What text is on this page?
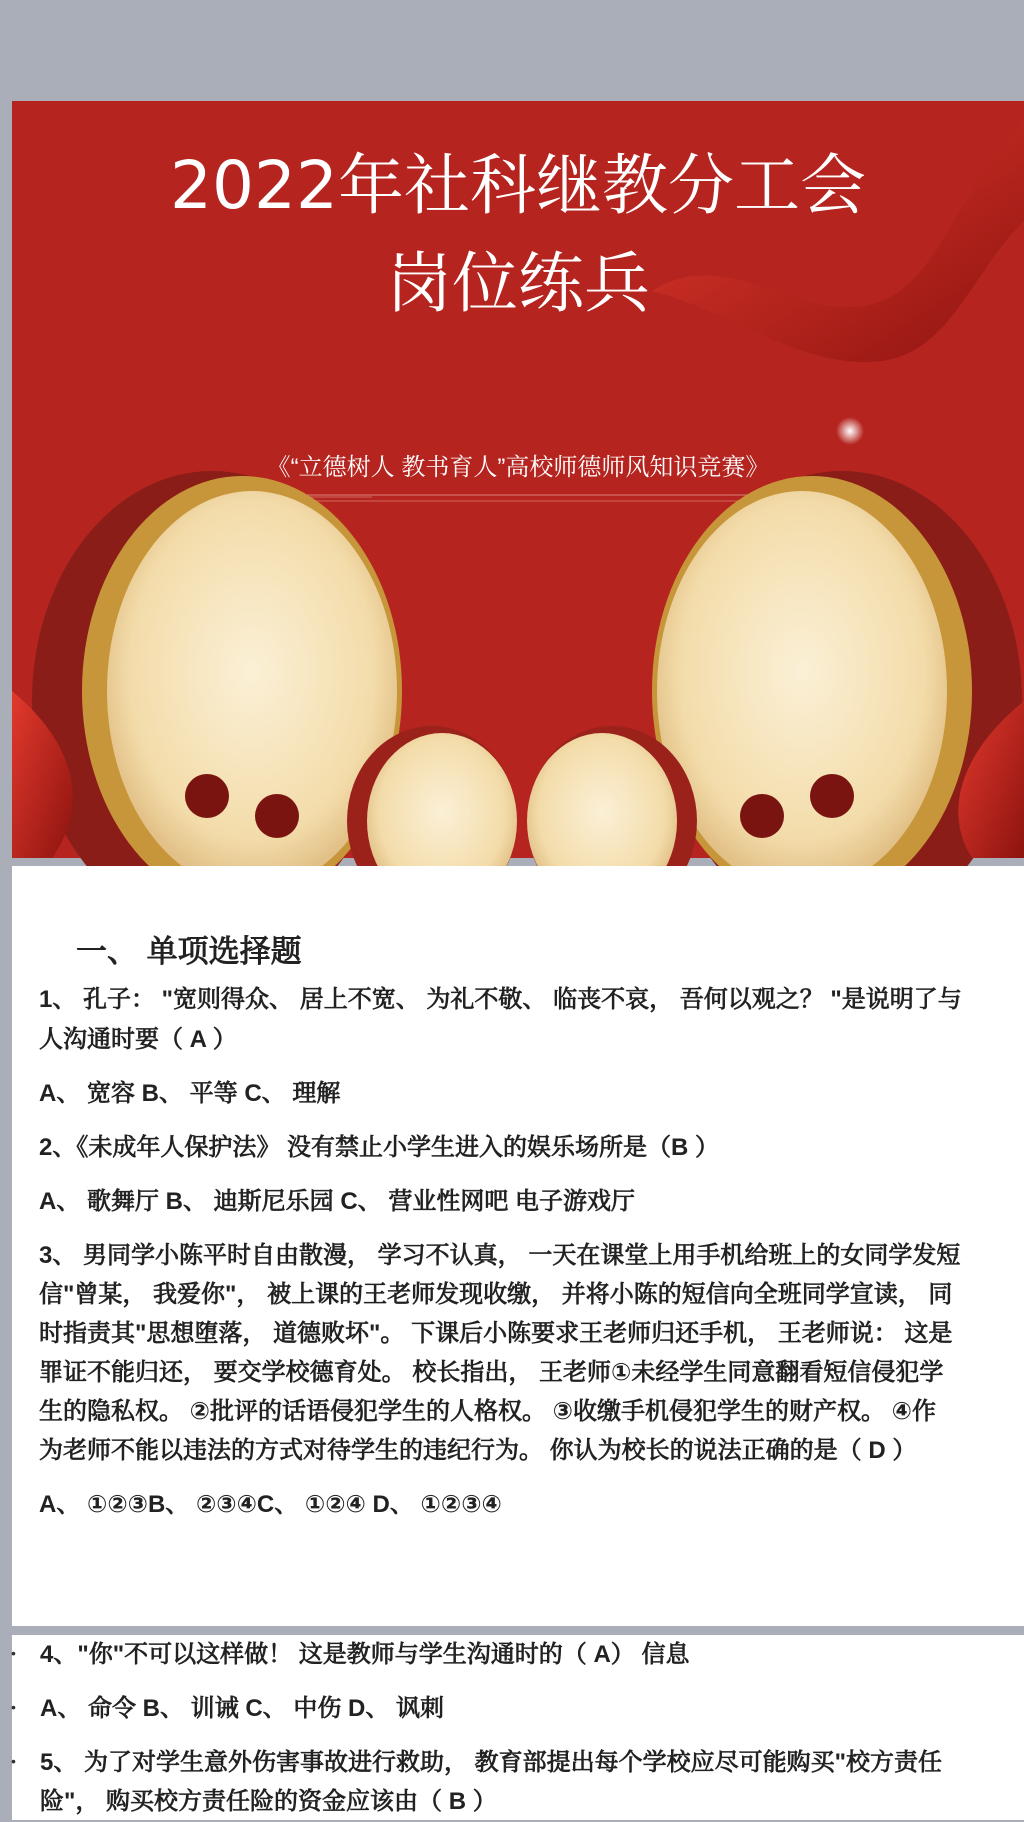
2022年社科继教分工会
岗位练兵
《“立德树人 教书育人”高校师德师风知识竞赛》
一、 单项选择题
1、 孔子： "宽则得众、 居上不宽、 为礼不敬、 临丧不哀， 吾何以观之？ "是说明了与
人沟通时要（ A ）
A、 宽容 B、 平等 C、 理解
2、《未成年人保护法》 没有禁止小学生进入的娱乐场所是（B ）
A、 歌舞厅 B、 迪斯尼乐园 C、 营业性网吧 电子游戏厅
3、 男同学小陈平时自由散漫， 学习不认真， 一天在课堂上用手机给班上的女同学发短
信"曾某， 我爱你"， 被上课的王老师发现收缴， 并将小陈的短信向全班同学宣读， 同
时指责其"思想堕落， 道德败坏"。 下课后小陈要求王老师归还手机， 王老师说： 这是
罪证不能归还， 要交学校德育处。 校长指出， 王老师①未经学生同意翻看短信侵犯学
生的隐私权。 ②批评的话语侵犯学生的人格权。 ③收缴手机侵犯学生的财产权。 ④作
为老师不能以违法的方式对待学生的违纪行为。 你认为校长的说法正确的是（ D ）
A、 ①②③B、 ②③④C、 ①②④ D、 ①②③④
• 4、"你"不可以这样做！ 这是教师与学生沟通时的（ A） 信息
• A、 命令 B、 训诫 C、 中伤 D、 讽刺
• 5、 为了对学生意外伤害事故进行救助， 教育部提出每个学校应尽可能购买"校方责任
险"， 购买校方责任险的资金应该由（ B ）
